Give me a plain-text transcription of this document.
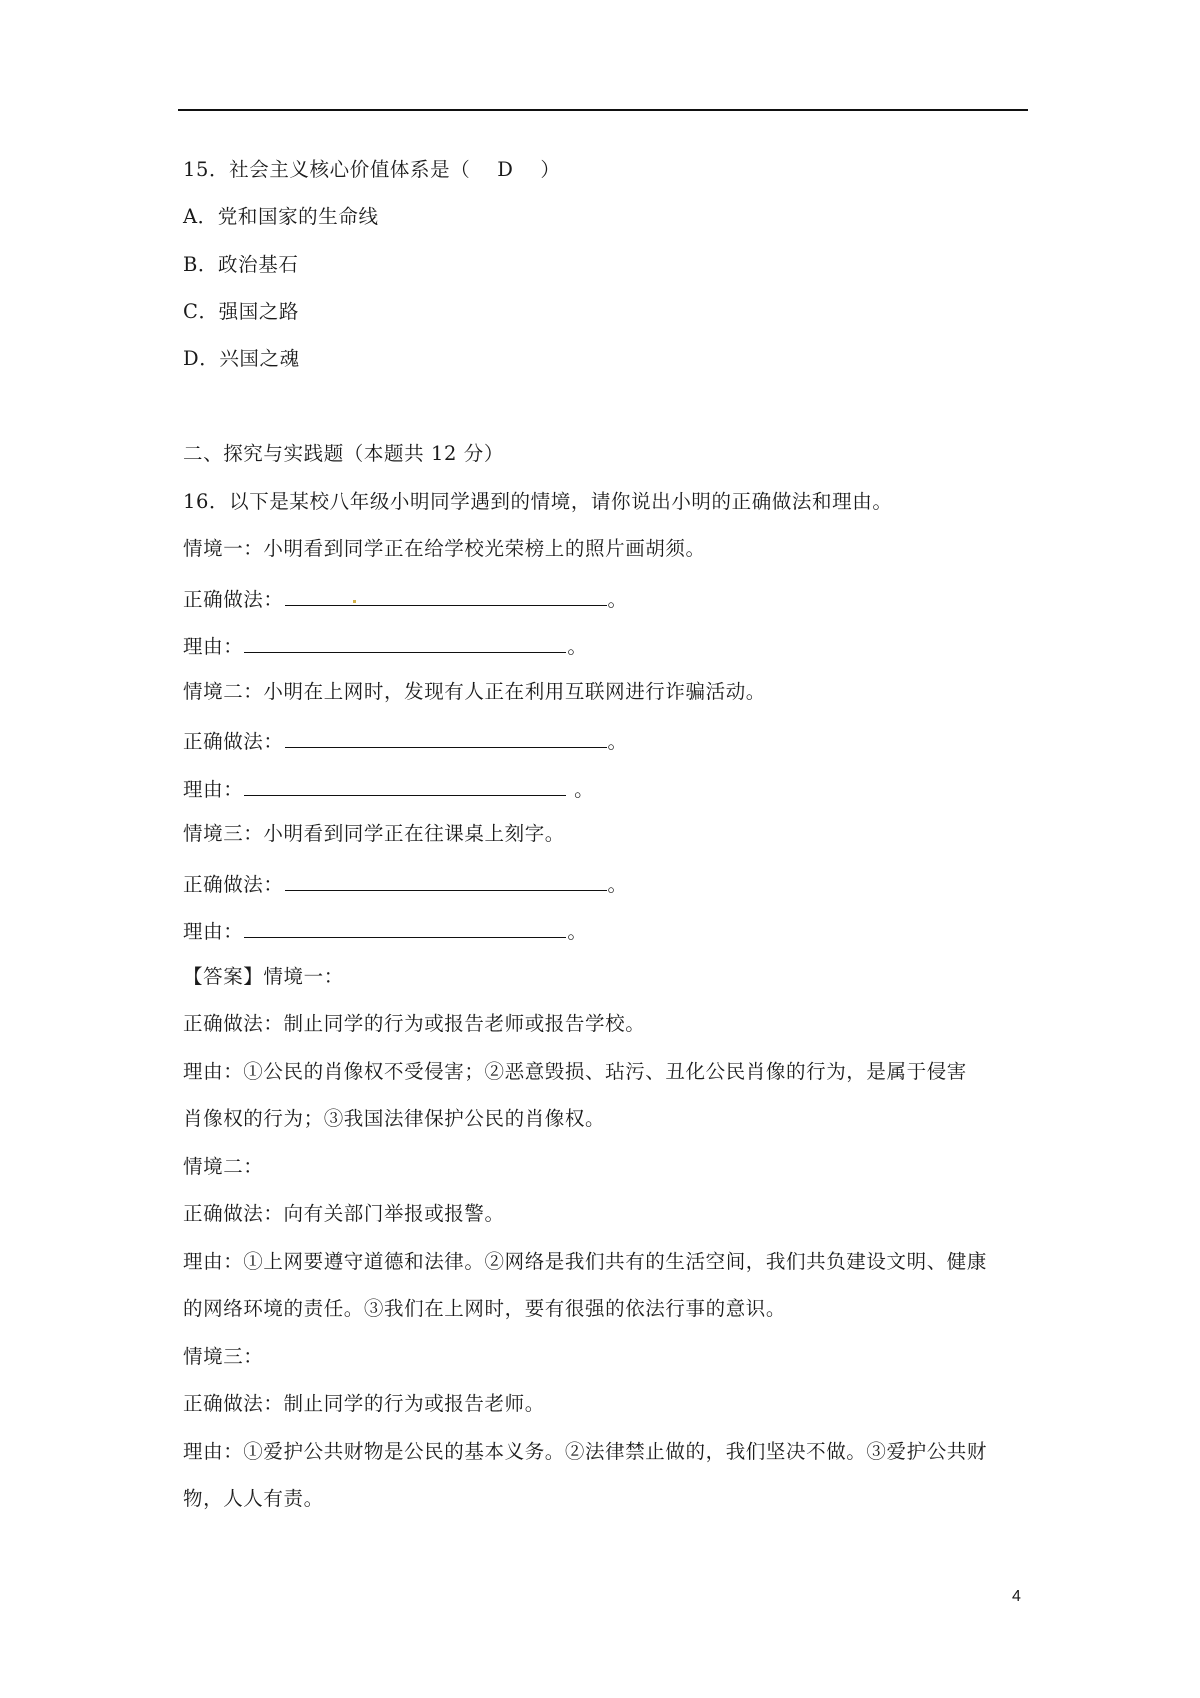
15．社会主义核心价值体系是（　 D　 ）
A．党和国家的生命线
B．政治基石
C．强国之路
D．兴国之魂
二、探究与实践题（本题共 12 分）
16．以下是某校八年级小明同学遇到的情境，请你说出小明的正确做法和理由。
情境一：小明看到同学正在给学校光荣榜上的照片画胡须。
正确做法：	。
理由：	。
情境二：小明在上网时，发现有人正在利用互联网进行诈骗活动。
正确做法：	。
理由：	。
情境三：小明看到同学正在往课桌上刻字。
正确做法：	。
理由：	。
【答案】情境一：
正确做法：制止同学的行为或报告老师或报告学校。
理由：①公民的肖像权不受侵害；②恶意毁损、玷污、丑化公民肖像的行为，是属于侵害
肖像权的行为；③我国法律保护公民的肖像权。
情境二：
正确做法：向有关部门举报或报警。
理由：①上网要遵守道德和法律。②网络是我们共有的生活空间，我们共负建设文明、健康
的网络环境的责任。③我们在上网时，要有很强的依法行事的意识。
情境三：
正确做法：制止同学的行为或报告老师。
理由：①爱护公共财物是公民的基本义务。②法律禁止做的，我们坚决不做。③爱护公共财
物，人人有责。
4
